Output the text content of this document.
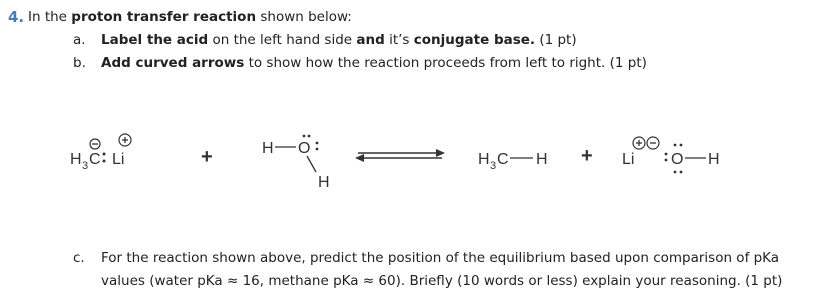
4. In the proton transfer reaction shown below:
a. Label the acid on the left hand side and it’s conjugate base. (1 pt)
b. Add curved arrows to show how the reaction proceeds from left to right. (1 pt)
H 3 C Li	+	H O
H
H 3 C H + Li O H
c. For the reaction shown above, predict the position of the equilibrium based upon comparison of pKa
values (water pKa ≈ 16, methane pKa ≈ 60). Briefly (10 words or less) explain your reasoning. (1 pt)
